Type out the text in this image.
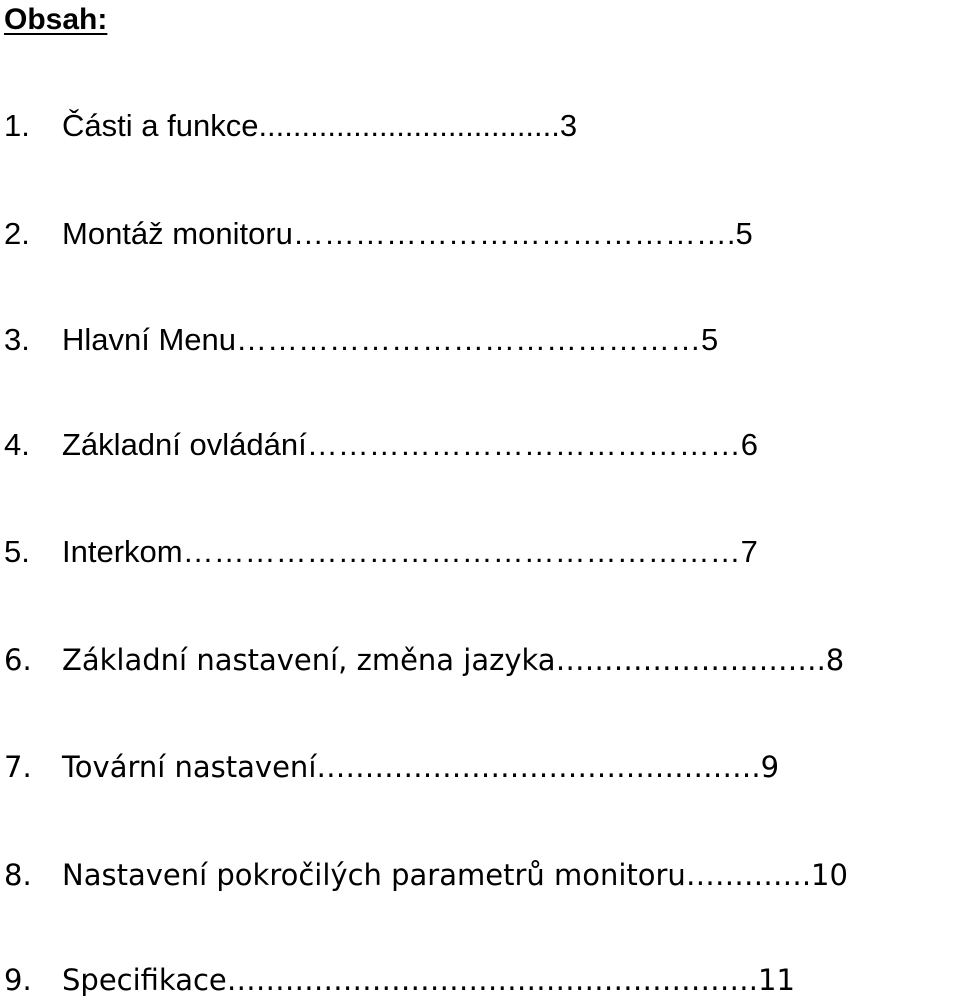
Obsah:
1. Části a funkce...................................3
2. Montáž monitoru…………………………………….5
3. Hlavní Menu………………………………………5
4. Základní ovládání……………………………………6
5. Interkom………………………………………………7
6. Základní nastavení, změna jazyka……………………….8
7. Tovární nastavení……………………………………….9
8. Nastavení pokročilých parametrů monitoru………….10
9. Specifikace……………………………………………….11
